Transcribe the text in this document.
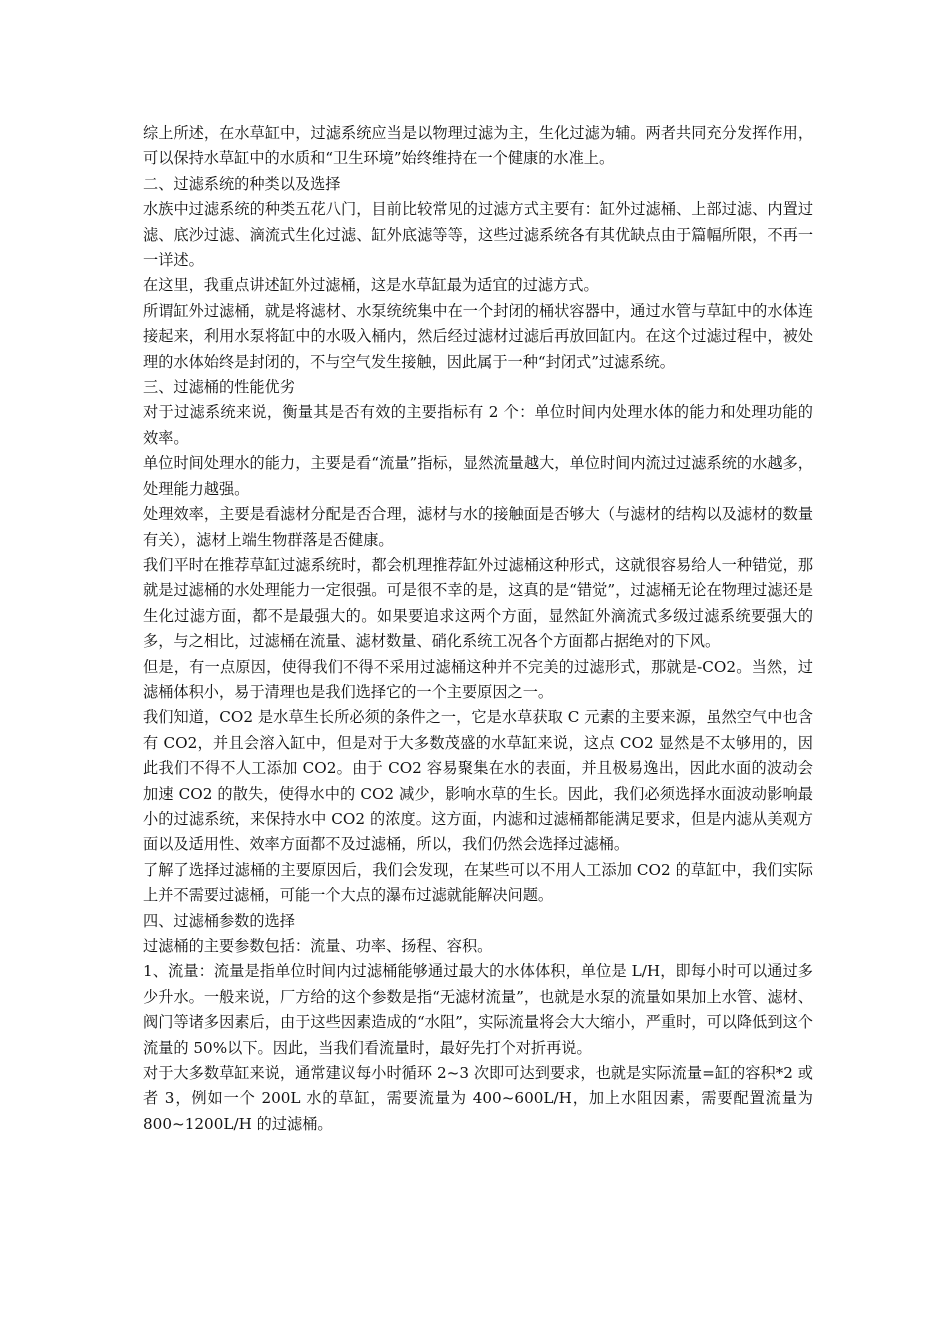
综上所述，在水草缸中，过滤系统应当是以物理过滤为主，生化过滤为辅。两者共同充分发挥作用，可以保持水草缸中的水质和“卫生环境”始终维持在一个健康的水准上。

二、过滤系统的种类以及选择

水族中过滤系统的种类五花八门，目前比较常见的过滤方式主要有：缸外过滤桶、上部过滤、内置过滤、底沙过滤、滴流式生化过滤、缸外底滤等等，这些过滤系统各有其优缺点由于篇幅所限，不再一一详述。

在这里，我重点讲述缸外过滤桶，这是水草缸最为适宜的过滤方式。

所谓缸外过滤桶，就是将滤材、水泵统统集中在一个封闭的桶状容器中，通过水管与草缸中的水体连接起来，利用水泵将缸中的水吸入桶内，然后经过滤材过滤后再放回缸内。在这个过滤过程中，被处理的水体始终是封闭的，不与空气发生接触，因此属于一种“封闭式”过滤系统。

三、过滤桶的性能优劣

对于过滤系统来说，衡量其是否有效的主要指标有 2 个：单位时间内处理水体的能力和处理功能的效率。

单位时间处理水的能力，主要是看“流量”指标，显然流量越大，单位时间内流过过滤系统的水越多，处理能力越强。

处理效率，主要是看滤材分配是否合理，滤材与水的接触面是否够大（与滤材的结构以及滤材的数量有关），滤材上端生物群落是否健康。

我们平时在推荐草缸过滤系统时，都会机理推荐缸外过滤桶这种形式，这就很容易给人一种错觉，那就是过滤桶的水处理能力一定很强。可是很不幸的是，这真的是“错觉”，过滤桶无论在物理过滤还是生化过滤方面，都不是最强大的。如果要追求这两个方面，显然缸外滴流式多级过滤系统要强大的多，与之相比，过滤桶在流量、滤材数量、硝化系统工况各个方面都占据绝对的下风。

但是，有一点原因，使得我们不得不采用过滤桶这种并不完美的过滤形式，那就是-CO2。当然，过滤桶体积小，易于清理也是我们选择它的一个主要原因之一。

我们知道，CO2 是水草生长所必须的条件之一，它是水草获取 C 元素的主要来源，虽然空气中也含有 CO2，并且会溶入缸中，但是对于大多数茂盛的水草缸来说，这点 CO2 显然是不太够用的，因此我们不得不人工添加 CO2。由于 CO2 容易聚集在水的表面，并且极易逸出，因此水面的波动会加速 CO2 的散失，使得水中的 CO2 减少，影响水草的生长。因此，我们必须选择水面波动影响最小的过滤系统，来保持水中 CO2 的浓度。这方面，内滤和过滤桶都能满足要求，但是内滤从美观方面以及适用性、效率方面都不及过滤桶，所以，我们仍然会选择过滤桶。

了解了选择过滤桶的主要原因后，我们会发现，在某些可以不用人工添加 CO2 的草缸中，我们实际上并不需要过滤桶，可能一个大点的瀑布过滤就能解决问题。

四、过滤桶参数的选择

过滤桶的主要参数包括：流量、功率、扬程、容积。

1、流量：流量是指单位时间内过滤桶能够通过最大的水体体积，单位是 L/H，即每小时可以通过多少升水。一般来说，厂方给的这个参数是指“无滤材流量”，也就是水泵的流量如果加上水管、滤材、阀门等诸多因素后，由于这些因素造成的“水阻”，实际流量将会大大缩小，严重时，可以降低到这个流量的 50%以下。因此，当我们看流量时，最好先打个对折再说。

对于大多数草缸来说，通常建议每小时循环 2~3 次即可达到要求，也就是实际流量=缸的容积*2 或者 3，例如一个 200L 水的草缸，需要流量为 400~600L/H，加上水阻因素，需要配置流量为 800~1200L/H 的过滤桶。
